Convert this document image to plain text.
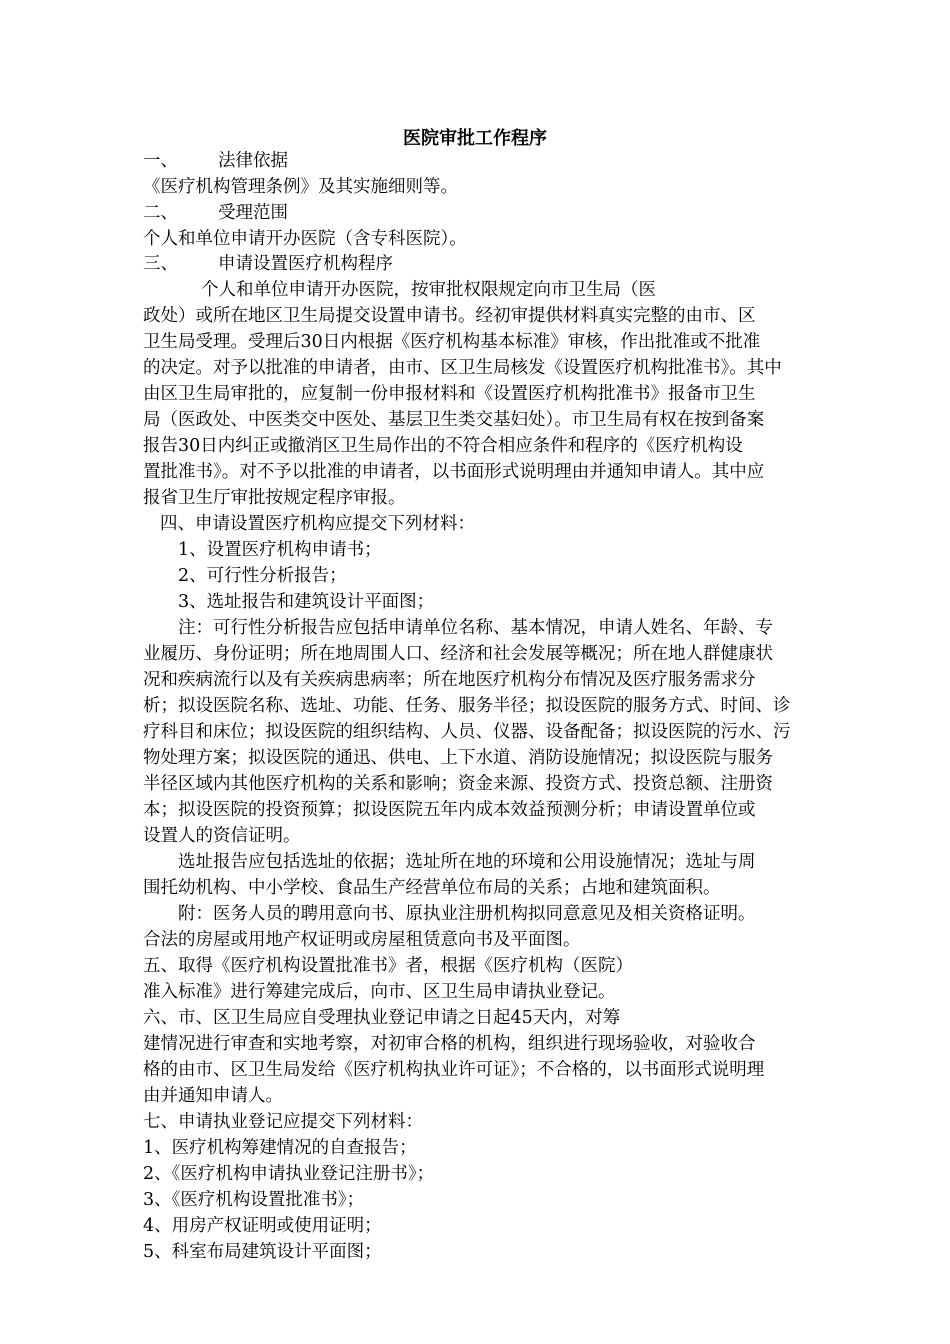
医院审批工作程序
一、 法律依据
《医疗机构管理条例》及其实施细则等。
二、 受理范围
个人和单位申请开办医院（含专科医院）。
三、 申请设置医疗机构程序
个人和单位申请开办医院，按审批权限规定向市卫生局（医
政处）或所在地区卫生局提交设置申请书。经初审提供材料真实完整的由市、区
卫生局受理。受理后30日内根据《医疗机构基本标准》审核，作出批准或不批准
的决定。对予以批准的申请者，由市、区卫生局核发《设置医疗机构批准书》。其中
由区卫生局审批的，应复制一份申报材料和《设置医疗机构批准书》报备市卫生
局（医政处、中医类交中医处、基层卫生类交基妇处）。市卫生局有权在按到备案
报告30日内纠正或撤消区卫生局作出的不符合相应条件和程序的《医疗机构设
置批准书》。对不予以批准的申请者，以书面形式说明理由并通知申请人。其中应
报省卫生厅审批按规定程序审报。
四、申请设置医疗机构应提交下列材料：
1、设置医疗机构申请书；
2、可行性分析报告；
3、选址报告和建筑设计平面图；
注：可行性分析报告应包括申请单位名称、基本情况，申请人姓名、年龄、专
业履历、身份证明；所在地周围人口、经济和社会发展等概况；所在地人群健康状
况和疾病流行以及有关疾病患病率；所在地医疗机构分布情况及医疗服务需求分
析；拟设医院名称、选址、功能、任务、服务半径；拟设医院的服务方式、时间、诊
疗科目和床位；拟设医院的组织结构、人员、仪器、设备配备；拟设医院的污水、污
物处理方案；拟设医院的通迅、供电、上下水道、消防设施情况；拟设医院与服务
半径区域内其他医疗机构的关系和影响；资金来源、投资方式、投资总额、注册资
本；拟设医院的投资预算；拟设医院五年内成本效益预测分析；申请设置单位或
设置人的资信证明。
选址报告应包括选址的依据；选址所在地的环境和公用设施情况；选址与周
围托幼机构、中小学校、食品生产经营单位布局的关系；占地和建筑面积。
附：医务人员的聘用意向书、原执业注册机构拟同意意见及相关资格证明。
合法的房屋或用地产权证明或房屋租赁意向书及平面图。
五、取得《医疗机构设置批准书》者，根据《医疗机构（医院）
准入标准》进行筹建完成后，向市、区卫生局申请执业登记。
六、市、区卫生局应自受理执业登记申请之日起45天内，对筹
建情况进行审查和实地考察，对初审合格的机构，组织进行现场验收，对验收合
格的由市、区卫生局发给《医疗机构执业许可证》；不合格的，以书面形式说明理
由并通知申请人。
七、申请执业登记应提交下列材料：
1、医疗机构筹建情况的自查报告；
2、《医疗机构申请执业登记注册书》；
3、《医疗机构设置批准书》；
4、用房产权证明或使用证明；
5、科室布局建筑设计平面图；
